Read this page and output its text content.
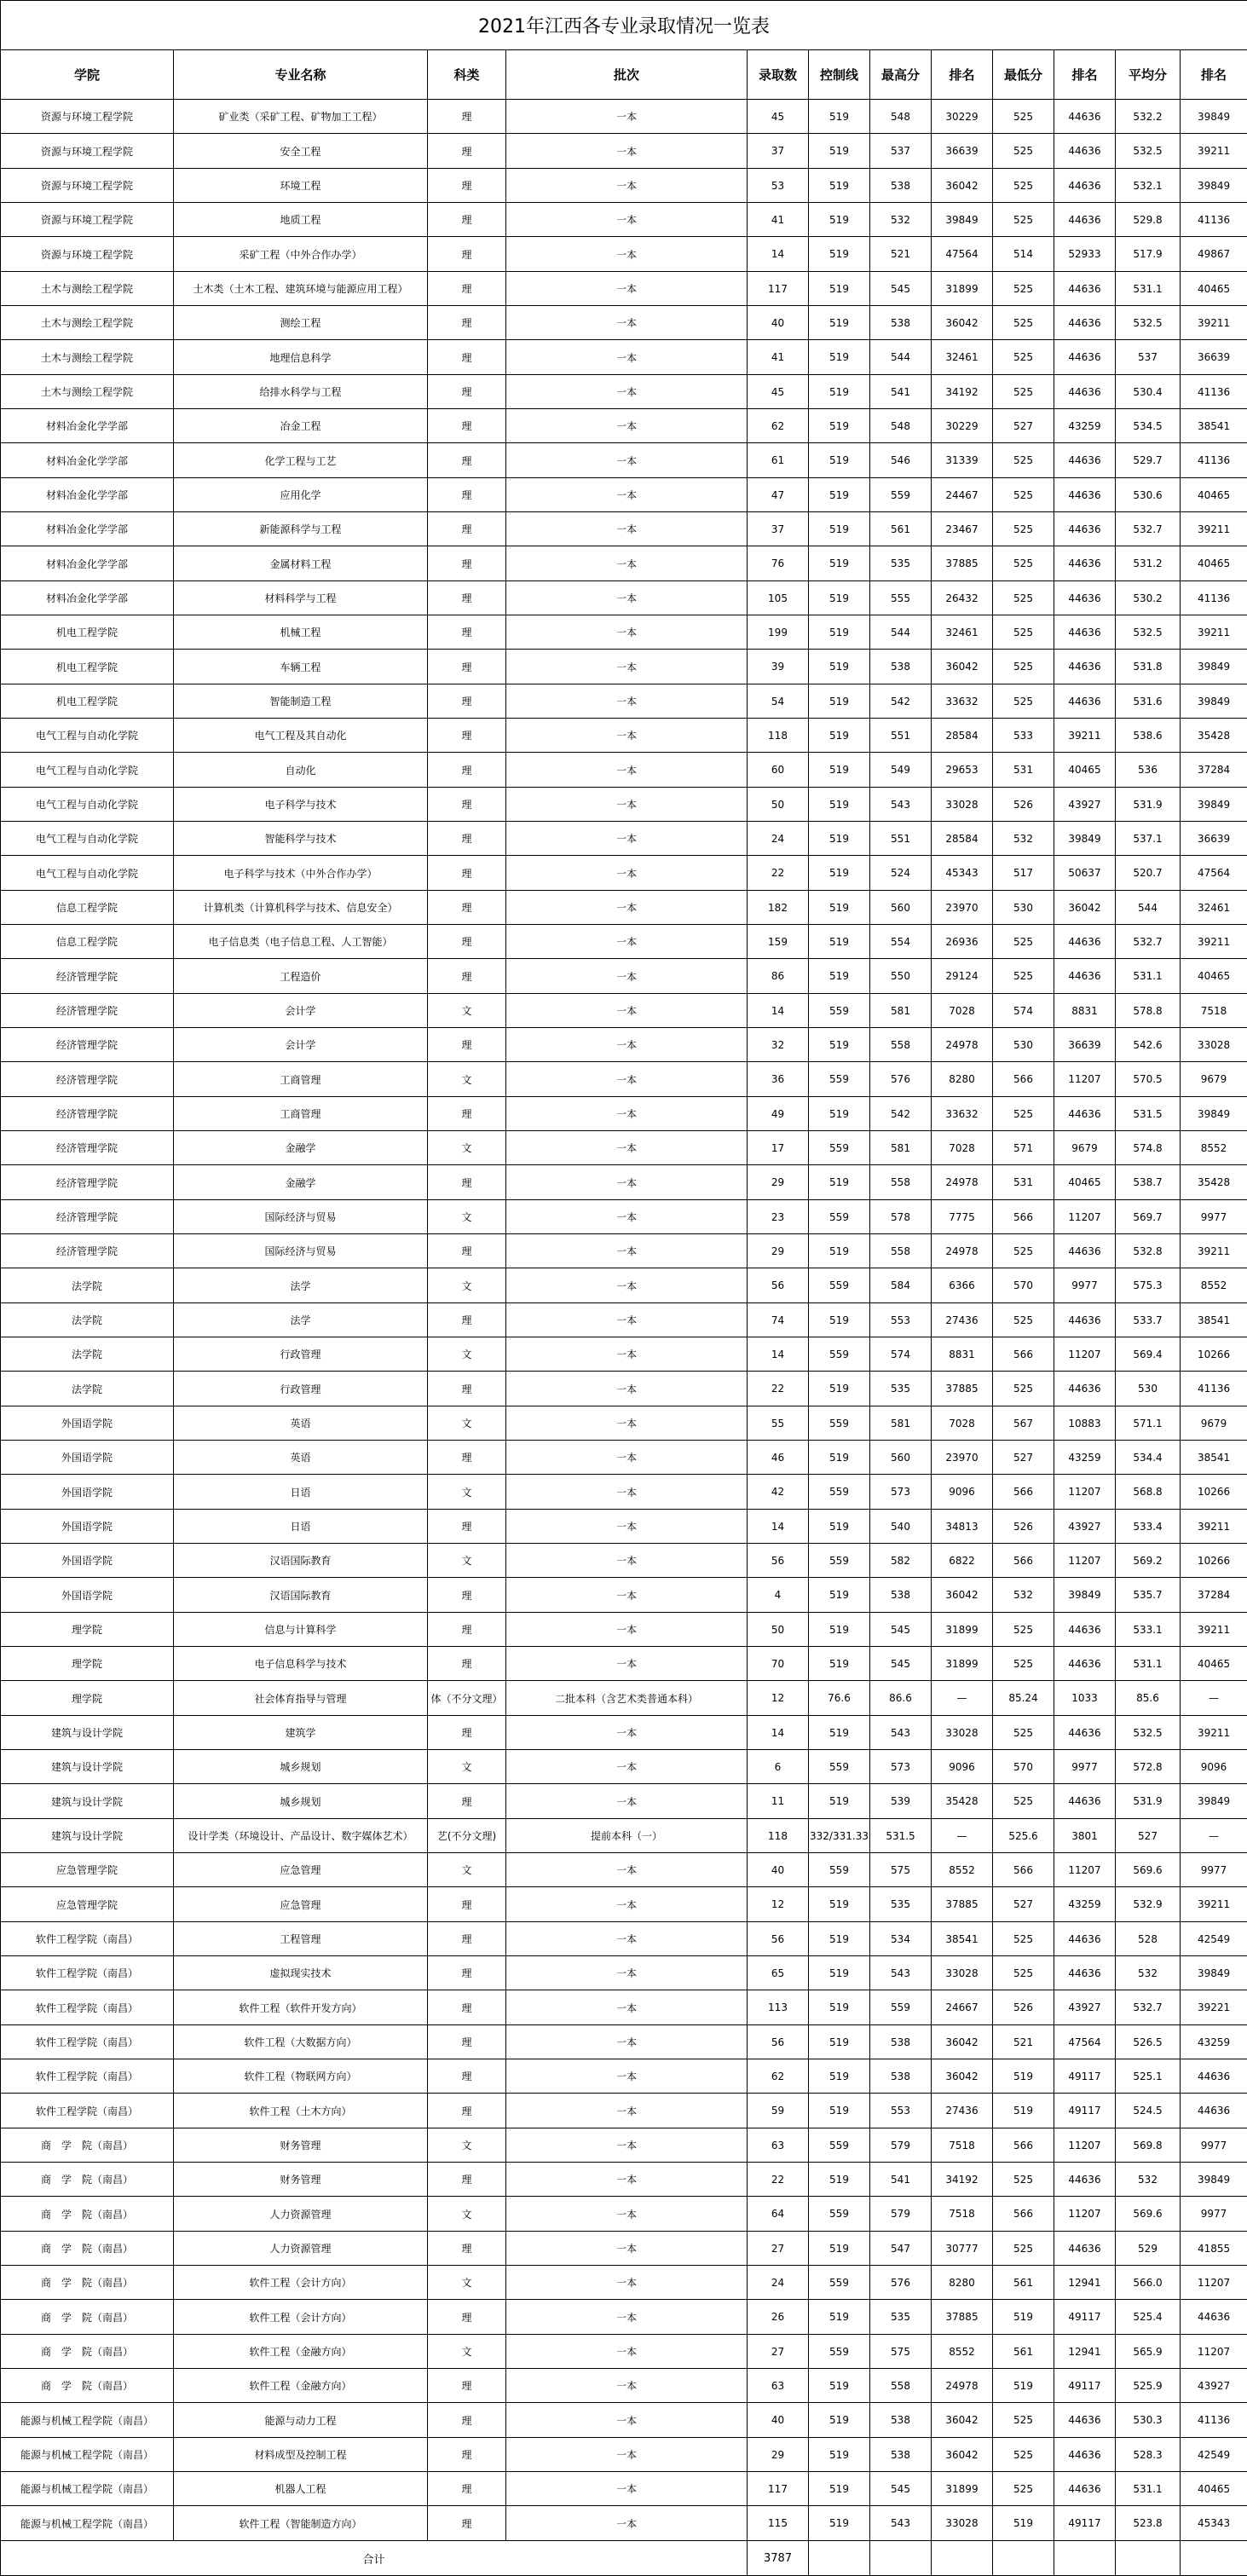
2021年江西各专业录取情况一览表											
学院	专业名称	科类	批次	录取数	控制线	最高分	排名	最低分	排名	平均分	排名
资源与环境工程学院	矿业类（采矿工程、矿物加工工程）	理	一本	45	519	548	30229	525	44636	532.2	39849
资源与环境工程学院	安全工程	理	一本	37	519	537	36639	525	44636	532.5	39211
资源与环境工程学院	环境工程	理	一本	53	519	538	36042	525	44636	532.1	39849
资源与环境工程学院	地质工程	理	一本	41	519	532	39849	525	44636	529.8	41136
资源与环境工程学院	采矿工程（中外合作办学）	理	一本	14	519	521	47564	514	52933	517.9	49867
土木与测绘工程学院	土木类（土木工程、建筑环境与能源应用工程）	理	一本	117	519	545	31899	525	44636	531.1	40465
土木与测绘工程学院	测绘工程	理	一本	40	519	538	36042	525	44636	532.5	39211
土木与测绘工程学院	地理信息科学	理	一本	41	519	544	32461	525	44636	537	36639
土木与测绘工程学院	给排水科学与工程	理	一本	45	519	541	34192	525	44636	530.4	41136
材料冶金化学学部	冶金工程	理	一本	62	519	548	30229	527	43259	534.5	38541
材料冶金化学学部	化学工程与工艺	理	一本	61	519	546	31339	525	44636	529.7	41136
材料冶金化学学部	应用化学	理	一本	47	519	559	24467	525	44636	530.6	40465
材料冶金化学学部	新能源科学与工程	理	一本	37	519	561	23467	525	44636	532.7	39211
材料冶金化学学部	金属材料工程	理	一本	76	519	535	37885	525	44636	531.2	40465
材料冶金化学学部	材料科学与工程	理	一本	105	519	555	26432	525	44636	530.2	41136
机电工程学院	机械工程	理	一本	199	519	544	32461	525	44636	532.5	39211
机电工程学院	车辆工程	理	一本	39	519	538	36042	525	44636	531.8	39849
机电工程学院	智能制造工程	理	一本	54	519	542	33632	525	44636	531.6	39849
电气工程与自动化学院	电气工程及其自动化	理	一本	118	519	551	28584	533	39211	538.6	35428
电气工程与自动化学院	自动化	理	一本	60	519	549	29653	531	40465	536	37284
电气工程与自动化学院	电子科学与技术	理	一本	50	519	543	33028	526	43927	531.9	39849
电气工程与自动化学院	智能科学与技术	理	一本	24	519	551	28584	532	39849	537.1	36639
电气工程与自动化学院	电子科学与技术（中外合作办学）	理	一本	22	519	524	45343	517	50637	520.7	47564
信息工程学院	计算机类（计算机科学与技术、信息安全）	理	一本	182	519	560	23970	530	36042	544	32461
信息工程学院	电子信息类（电子信息工程、人工智能）	理	一本	159	519	554	26936	525	44636	532.7	39211
经济管理学院	工程造价	理	一本	86	519	550	29124	525	44636	531.1	40465
经济管理学院	会计学	文	一本	14	559	581	7028	574	8831	578.8	7518
经济管理学院	会计学	理	一本	32	519	558	24978	530	36639	542.6	33028
经济管理学院	工商管理	文	一本	36	559	576	8280	566	11207	570.5	9679
经济管理学院	工商管理	理	一本	49	519	542	33632	525	44636	531.5	39849
经济管理学院	金融学	文	一本	17	559	581	7028	571	9679	574.8	8552
经济管理学院	金融学	理	一本	29	519	558	24978	531	40465	538.7	35428
经济管理学院	国际经济与贸易	文	一本	23	559	578	7775	566	11207	569.7	9977
经济管理学院	国际经济与贸易	理	一本	29	519	558	24978	525	44636	532.8	39211
法学院	法学	文	一本	56	559	584	6366	570	9977	575.3	8552
法学院	法学	理	一本	74	519	553	27436	525	44636	533.7	38541
法学院	行政管理	文	一本	14	559	574	8831	566	11207	569.4	10266
法学院	行政管理	理	一本	22	519	535	37885	525	44636	530	41136
外国语学院	英语	文	一本	55	559	581	7028	567	10883	571.1	9679
外国语学院	英语	理	一本	46	519	560	23970	527	43259	534.4	38541
外国语学院	日语	文	一本	42	559	573	9096	566	11207	568.8	10266
外国语学院	日语	理	一本	14	519	540	34813	526	43927	533.4	39211
外国语学院	汉语国际教育	文	一本	56	559	582	6822	566	11207	569.2	10266
外国语学院	汉语国际教育	理	一本	4	519	538	36042	532	39849	535.7	37284
理学院	信息与计算科学	理	一本	50	519	545	31899	525	44636	533.1	39211
理学院	电子信息科学与技术	理	一本	70	519	545	31899	525	44636	531.1	40465
理学院	社会体育指导与管理	体（不分文理）	二批本科（含艺术类普通本科）	12	76.6	86.6	—	85.24	1033	85.6	—
建筑与设计学院	建筑学	理	一本	14	519	543	33028	525	44636	532.5	39211
建筑与设计学院	城乡规划	文	一本	6	559	573	9096	570	9977	572.8	9096
建筑与设计学院	城乡规划	理	一本	11	519	539	35428	525	44636	531.9	39849
建筑与设计学院	设计学类（环境设计、产品设计、数字媒体艺术）	艺(不分文理)	提前本科（一）	118	332/331.33	531.5	—	525.6	3801	527	—
应急管理学院	应急管理	文	一本	40	559	575	8552	566	11207	569.6	9977
应急管理学院	应急管理	理	一本	12	519	535	37885	527	43259	532.9	39211
软件工程学院（南昌）	工程管理	理	一本	56	519	534	38541	525	44636	528	42549
软件工程学院（南昌）	虚拟现实技术	理	一本	65	519	543	33028	525	44636	532	39849
软件工程学院（南昌）	软件工程（软件开发方向）	理	一本	113	519	559	24667	526	43927	532.7	39221
软件工程学院（南昌）	软件工程（大数据方向）	理	一本	56	519	538	36042	521	47564	526.5	43259
软件工程学院（南昌）	软件工程（物联网方向）	理	一本	62	519	538	36042	519	49117	525.1	44636
软件工程学院（南昌）	软件工程（土木方向）	理	一本	59	519	553	27436	519	49117	524.5	44636
商　学　院（南昌）	财务管理	文	一本	63	559	579	7518	566	11207	569.8	9977
商　学　院（南昌）	财务管理	理	一本	22	519	541	34192	525	44636	532	39849
商　学　院（南昌）	人力资源管理	文	一本	64	559	579	7518	566	11207	569.6	9977
商　学　院（南昌）	人力资源管理	理	一本	27	519	547	30777	525	44636	529	41855
商　学　院（南昌）	软件工程（会计方向）	文	一本	24	559	576	8280	561	12941	566.0	11207
商　学　院（南昌）	软件工程（会计方向）	理	一本	26	519	535	37885	519	49117	525.4	44636
商　学　院（南昌）	软件工程（金融方向）	文	一本	27	559	575	8552	561	12941	565.9	11207
商　学　院（南昌）	软件工程（金融方向）	理	一本	63	519	558	24978	519	49117	525.9	43927
能源与机械工程学院（南昌）	能源与动力工程	理	一本	40	519	538	36042	525	44636	530.3	41136
能源与机械工程学院（南昌）	材料成型及控制工程	理	一本	29	519	538	36042	525	44636	528.3	42549
能源与机械工程学院（南昌）	机器人工程	理	一本	117	519	545	31899	525	44636	531.1	40465
能源与机械工程学院（南昌）	软件工程（智能制造方向）	理	一本	115	519	543	33028	519	49117	523.8	45343
合计				3787							
